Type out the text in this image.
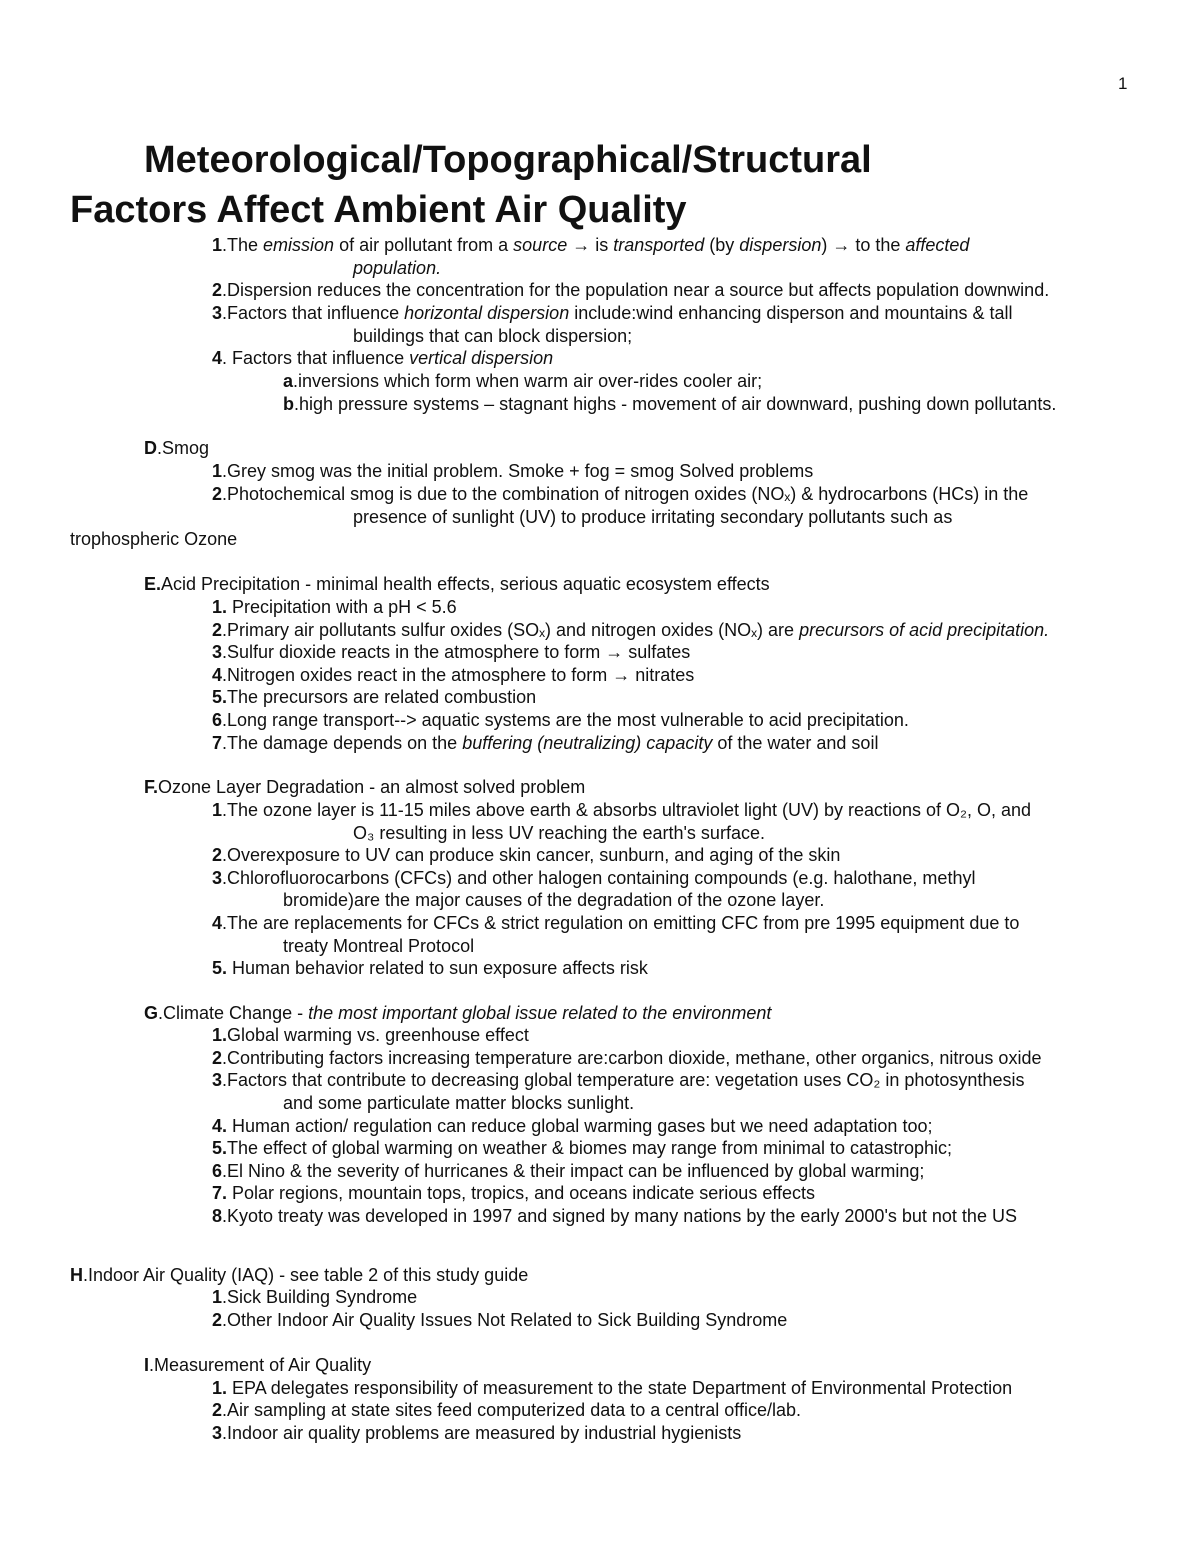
1
Meteorological/Topographical/Structural
Factors Affect Ambient Air Quality
1.The emission of air pollutant from a source → is transported (by dispersion) → to the affected
population.
2.Dispersion reduces the concentration for the population near a source but affects population downwind.
3.Factors that influence horizontal dispersion include:wind enhancing disperson and mountains & tall
buildings that can block dispersion;
4. Factors that influence vertical dispersion
a.inversions which form when warm air over-rides cooler air;
b.high pressure systems – stagnant highs - movement of air downward, pushing down pollutants.
D.Smog
1.Grey smog was the initial problem. Smoke + fog = smog Solved problems
2.Photochemical smog is due to the combination of nitrogen oxides (NOₓ) & hydrocarbons (HCs) in the
presence of sunlight (UV) to produce irritating secondary pollutants such as
trophospheric Ozone
E.Acid Precipitation - minimal health effects, serious aquatic ecosystem effects
1. Precipitation with a pH < 5.6
2.Primary air pollutants sulfur oxides (SOₓ) and nitrogen oxides (NOₓ) are precursors of acid precipitation.
3.Sulfur dioxide reacts in the atmosphere to form → sulfates
4.Nitrogen oxides react in the atmosphere to form → nitrates
5.The precursors are related combustion
6.Long range transport--> aquatic systems are the most vulnerable to acid precipitation.
7.The damage depends on the buffering (neutralizing) capacity of the water and soil
F.Ozone Layer Degradation - an almost solved problem
1.The ozone layer is 11-15 miles above earth & absorbs ultraviolet light (UV) by reactions of O₂, O, and
O₃ resulting in less UV reaching the earth's surface.
2.Overexposure to UV can produce skin cancer, sunburn, and aging of the skin
3.Chlorofluorocarbons (CFCs) and other halogen containing compounds (e.g. halothane, methyl
bromide)are the major causes of the degradation of the ozone layer.
4.The are replacements for CFCs & strict regulation on emitting CFC from pre 1995 equipment due to
treaty Montreal Protocol
5. Human behavior related to sun exposure affects risk
G.Climate Change - the most important global issue related to the environment
1.Global warming vs. greenhouse effect
2.Contributing factors increasing temperature are:carbon dioxide, methane, other organics, nitrous oxide
3.Factors that contribute to decreasing global temperature are: vegetation uses CO₂ in photosynthesis
and some particulate matter blocks sunlight.
4. Human action/ regulation can reduce global warming gases but we need adaptation too;
5.The effect of global warming on weather & biomes may range from minimal to catastrophic;
6.El Nino & the severity of hurricanes & their impact can be influenced by global warming;
7. Polar regions, mountain tops, tropics, and oceans indicate serious effects
8.Kyoto treaty was developed in 1997 and signed by many nations by the early 2000's but not the US
H.Indoor Air Quality (IAQ) - see table 2 of this study guide
1.Sick Building Syndrome
2.Other Indoor Air Quality Issues Not Related to Sick Building Syndrome
I.Measurement of Air Quality
1. EPA delegates responsibility of measurement to the state Department of Environmental Protection
2.Air sampling at state sites feed computerized data to a central office/lab.
3.Indoor air quality problems are measured by industrial hygienists
